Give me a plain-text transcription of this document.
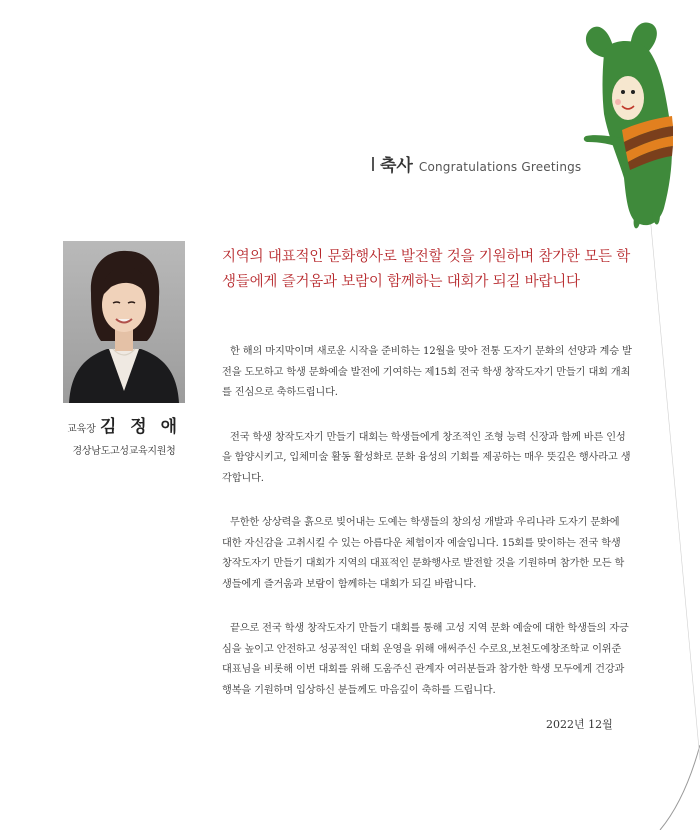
축사 Congratulations Greetings
교육장 김 정 애
경상남도고성교육지원청

지역의 대표적인 문화행사로 발전할 것을 기원하며 참가한 모든 학생들에게 즐거움과 보람이 함께하는 대회가 되길 바랍니다

한 해의 마지막이며 새로운 시작을 준비하는 12월을 맞아 전통 도자기 문화의 선양과 계승 발전을 도모하고 학생 문화예술 발전에 기여하는 제15회 전국 학생 창작도자기 만들기 대회 개최를 진심으로 축하드립니다.

전국 학생 창작도자기 만들기 대회는 학생들에게 창조적인 조형 능력 신장과 함께 바른 인성을 함양시키고, 입체미술 활동 활성화로 문화 융성의 기회를 제공하는 매우 뜻깊은 행사라고 생각합니다.

무한한 상상력을 흙으로 빚어내는 도예는 학생들의 창의성 개발과 우리나라 도자기 문화에 대한 자신감을 고취시킬 수 있는 아름다운 체험이자 예술입니다. 15회를 맞이하는 전국 학생 창작도자기 만들기 대회가 지역의 대표적인 문화행사로 발전할 것을 기원하며 참가한 모든 학생들에게 즐거움과 보람이 함께하는 대회가 되길 바랍니다.

끝으로 전국 학생 창작도자기 만들기 대회를 통해 고성 지역 문화 예술에 대한 학생들의 자긍심을 높이고 안전하고 성공적인 대회 운영을 위해 애써주신 수로요,보천도예창조학교 이위준 대표님을 비롯해 이번 대회를 위해 도움주신 관계자 여러분들과 참가한 학생 모두에게 건강과 행복을 기원하며 입상하신 분들께도 마음깊이 축하를 드립니다.

2022년 12월
